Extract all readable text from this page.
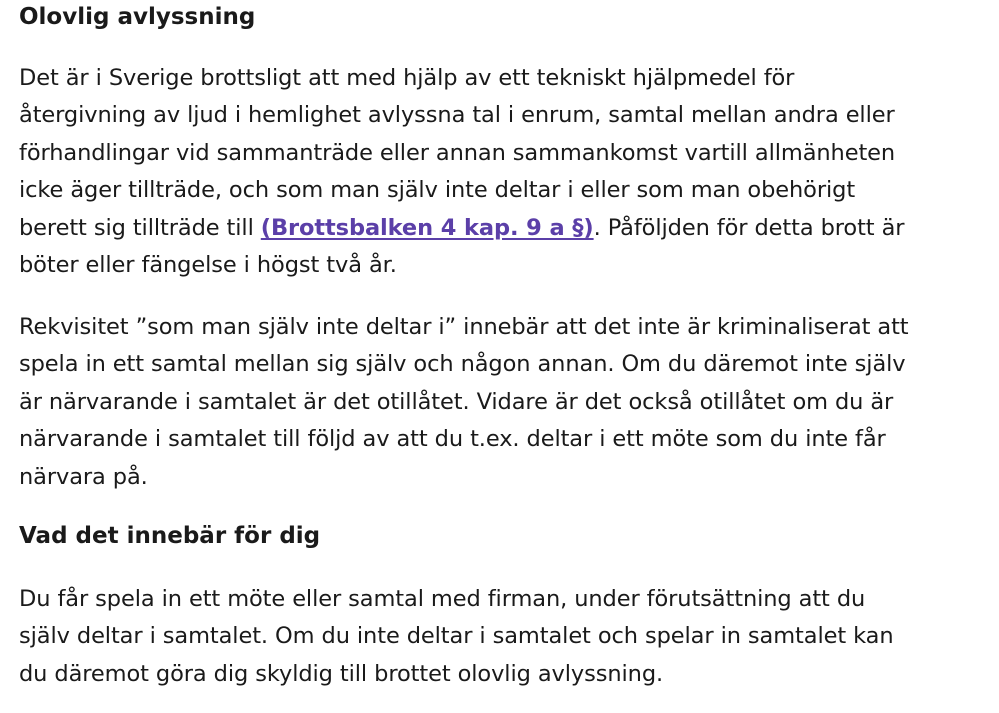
Olovlig avlyssning

Det är i Sverige brottsligt att med hjälp av ett tekniskt hjälpmedel för
återgivning av ljud i hemlighet avlyssna tal i enrum, samtal mellan andra eller
förhandlingar vid sammanträde eller annan sammankomst vartill allmänheten
icke äger tillträde, och som man själv inte deltar i eller som man obehörigt
berett sig tillträde till (Brottsbalken 4 kap. 9 a §). Påföljden för detta brott är
böter eller fängelse i högst två år.

Rekvisitet ”som man själv inte deltar i” innebär att det inte är kriminaliserat att
spela in ett samtal mellan sig själv och någon annan. Om du däremot inte själv
är närvarande i samtalet är det otillåtet. Vidare är det också otillåtet om du är
närvarande i samtalet till följd av att du t.ex. deltar i ett möte som du inte får
närvara på.

Vad det innebär för dig

Du får spela in ett möte eller samtal med firman, under förutsättning att du
själv deltar i samtalet. Om du inte deltar i samtalet och spelar in samtalet kan
du däremot göra dig skyldig till brottet olovlig avlyssning.
